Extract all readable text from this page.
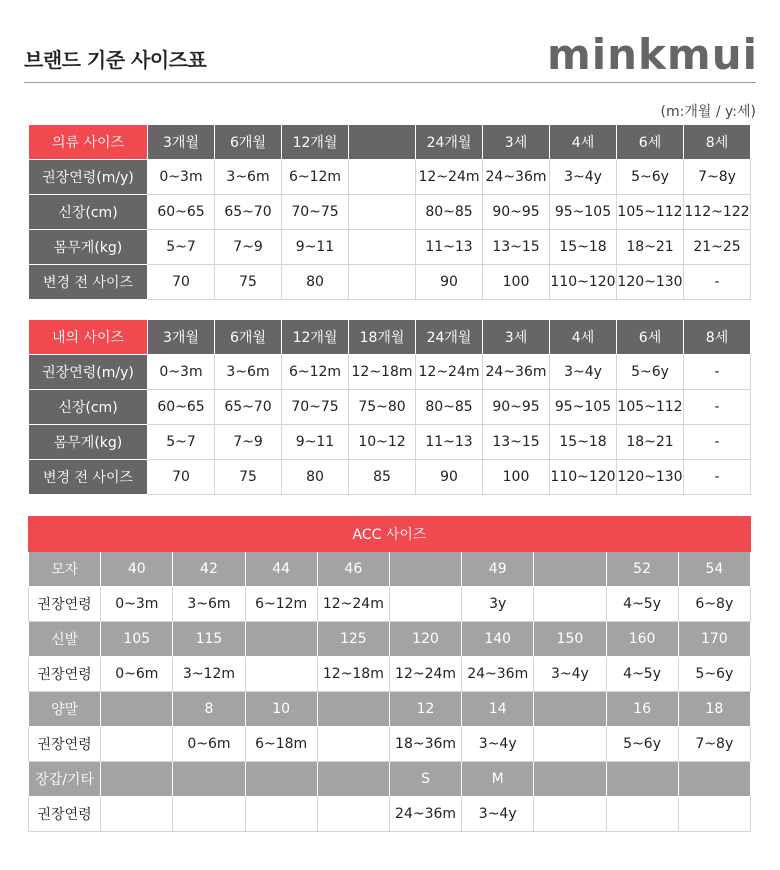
브랜드 기준 사이즈표	minkmui
(m:개월 / y:세)
의류 사이즈	3개월	6개월	12개월		24개월	3세	4세	6세	8세
권장연령(m/y)	0~3m	3~6m	6~12m		12~24m	24~36m	3~4y	5~6y	7~8y
신장(cm)	60~65	65~70	70~75		80~85	90~95	95~105	105~112	112~122
몸무게(kg)	5~7	7~9	9~11		11~13	13~15	15~18	18~21	21~25
변경 전 사이즈	70	75	80		90	100	110~120	120~130	-
내의 사이즈	3개월	6개월	12개월	18개월	24개월	3세	4세	6세	8세
권장연령(m/y)	0~3m	3~6m	6~12m	12~18m	12~24m	24~36m	3~4y	5~6y	-
신장(cm)	60~65	65~70	70~75	75~80	80~85	90~95	95~105	105~112	-
몸무게(kg)	5~7	7~9	9~11	10~12	11~13	13~15	15~18	18~21	-
변경 전 사이즈	70	75	80	85	90	100	110~120	120~130	-
ACC 사이즈									
모자	40	42	44	46		49		52	54
권장연령	0~3m	3~6m	6~12m	12~24m		3y		4~5y	6~8y
신발	105	115		125	120	140	150	160	170
권장연령	0~6m	3~12m		12~18m	12~24m	24~36m	3~4y	4~5y	5~6y
양말		8	10		12	14		16	18
권장연령		0~6m	6~18m		18~36m	3~4y		5~6y	7~8y
장갑/기타					S	M			
권장연령					24~36m	3~4y			
